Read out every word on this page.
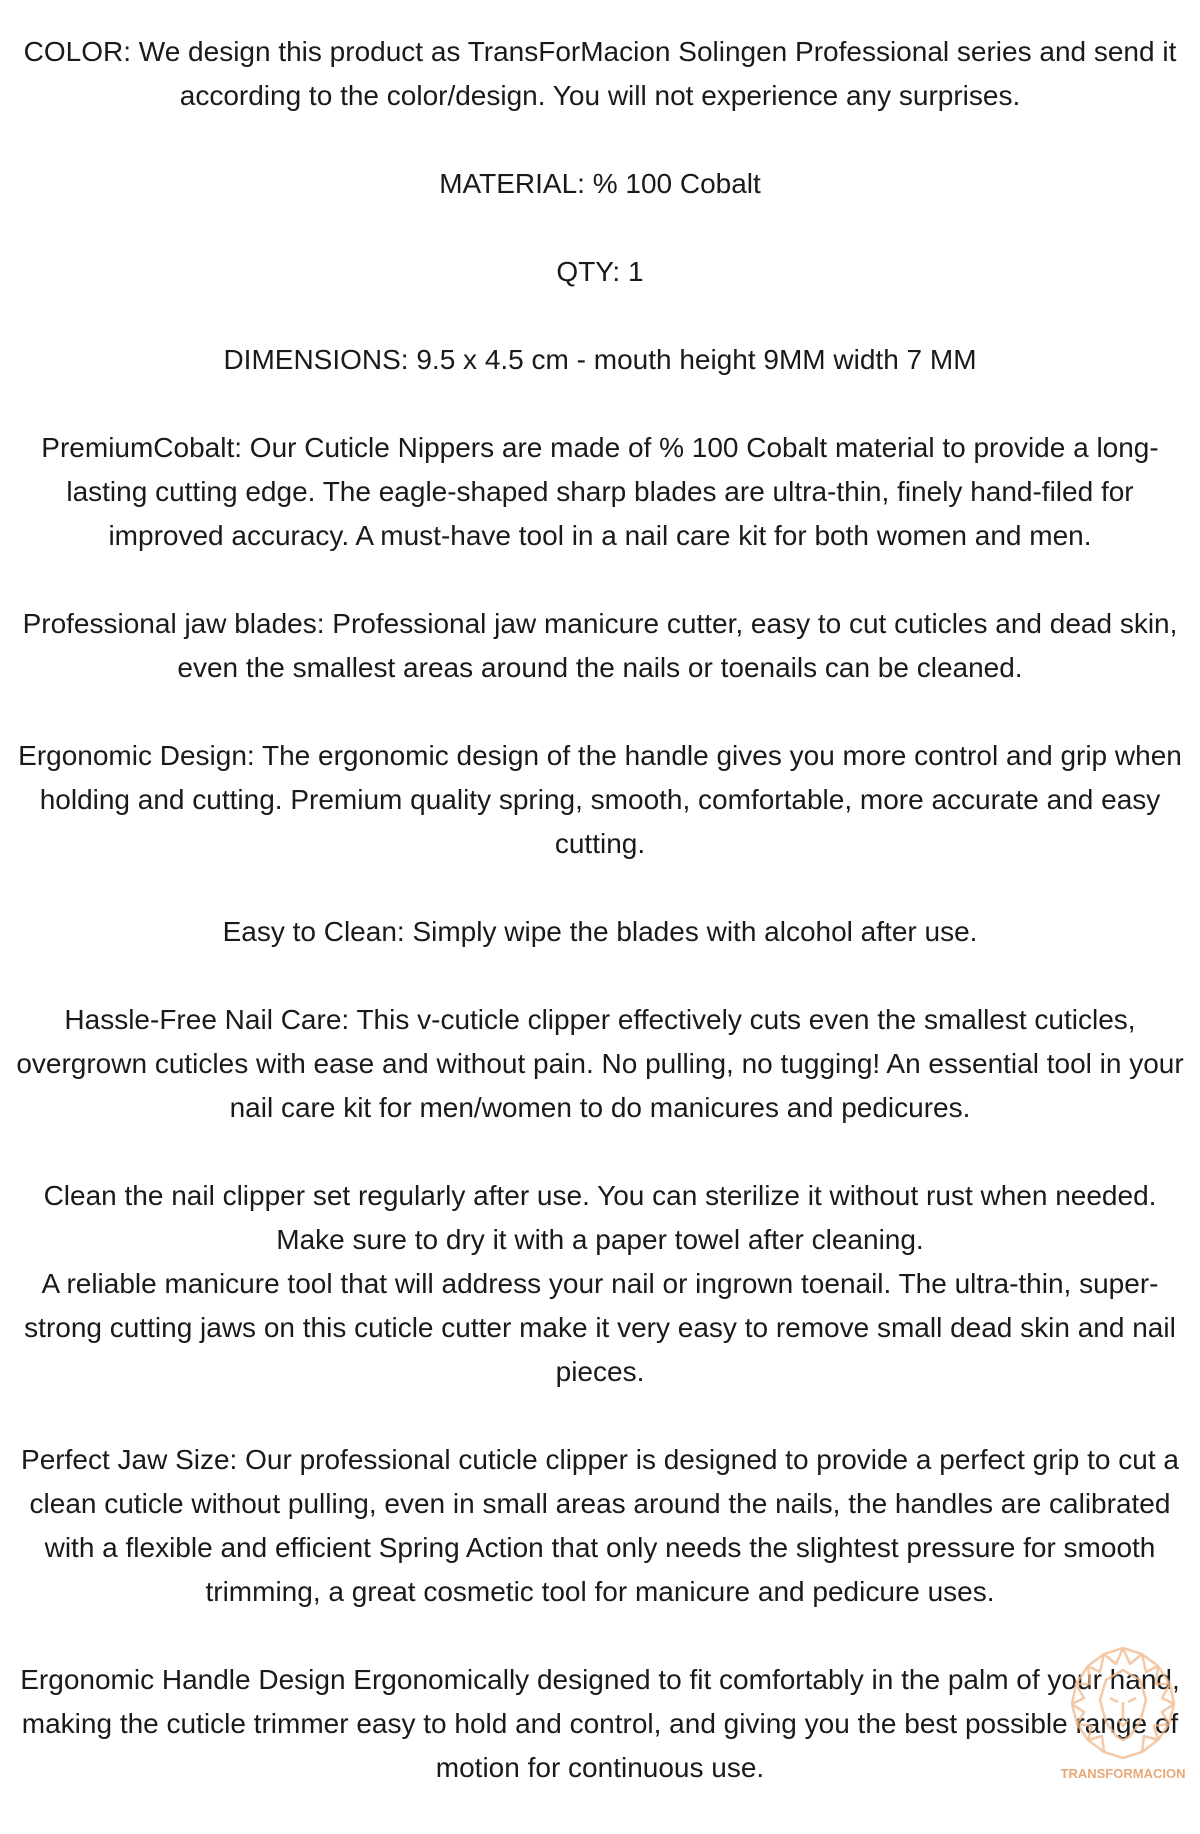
COLOR: We design this product as TransForMacion Solingen Professional series and send it according to the color/design. You will not experience any surprises.

MATERIAL: % 100 Cobalt

QTY: 1

DIMENSIONS: 9.5 x 4.5 cm - mouth height 9MM width 7 MM

PremiumCobalt: Our Cuticle Nippers are made of % 100 Cobalt material to provide a long-lasting cutting edge. The eagle-shaped sharp blades are ultra-thin, finely hand-filed for improved accuracy. A must-have tool in a nail care kit for both women and men.

Professional jaw blades: Professional jaw manicure cutter, easy to cut cuticles and dead skin, even the smallest areas around the nails or toenails can be cleaned.

Ergonomic Design: The ergonomic design of the handle gives you more control and grip when holding and cutting. Premium quality spring, smooth, comfortable, more accurate and easy cutting.

Easy to Clean: Simply wipe the blades with alcohol after use.

Hassle-Free Nail Care: This v-cuticle clipper effectively cuts even the smallest cuticles, overgrown cuticles with ease and without pain. No pulling, no tugging! An essential tool in your nail care kit for men/women to do manicures and pedicures.

Clean the nail clipper set regularly after use. You can sterilize it without rust when needed. Make sure to dry it with a paper towel after cleaning.

A reliable manicure tool that will address your nail or ingrown toenail. The ultra-thin, super-strong cutting jaws on this cuticle cutter make it very easy to remove small dead skin and nail pieces.

Perfect Jaw Size: Our professional cuticle clipper is designed to provide a perfect grip to cut a clean cuticle without pulling, even in small areas around the nails, the handles are calibrated with a flexible and efficient Spring Action that only needs the slightest pressure for smooth trimming, a great cosmetic tool for manicure and pedicure uses.

Ergonomic Handle Design Ergonomically designed to fit comfortably in the palm of your hand, making the cuticle trimmer easy to hold and control, and giving you the best possible range of motion for continuous use.	TRANSFORMACION
